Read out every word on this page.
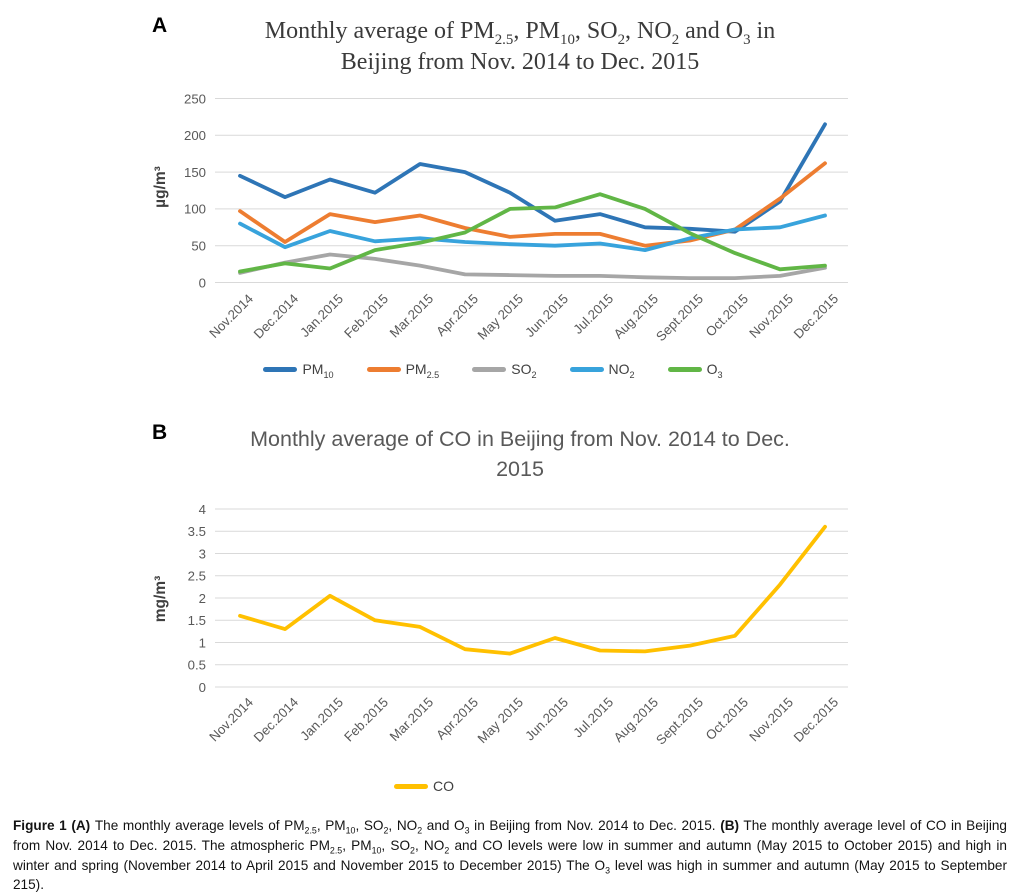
A	Monthly average of $PM_{2.5}$, $PM_{10}$, $SO_2$, $NO_2$ and $O_3$ in
Beijing from Nov. 2014 to Dec. 2015
B	Monthly average of CO in Beijing from Nov. 2014 to Dec.
2015
0
50
100
150
200
250
µg/m³
Nov.2014
Dec.2014
Jan.2015
Feb.2015
Mar.2015
Apr.2015
May 2015
Jun.2015 Jul.2015
Aug.2015
Sept.2015
Oct.2015
Nov.2015
Dec.2015
0
0.5
1
1.5
2
2.5
3
3.5
4
mg/m³
Nov.2014
Dec.2014
Jan.2015
Feb.2015
Mar.2015
Apr.2015
May 2015
Jun.2015 Jul.2015
Aug.2015
Sept.2015
Oct.2015
Nov.2015
Dec.2015
$PM_{10}$	$PM_{2.5}$	$SO_2$	$NO_2$	$O_3$
CO
Figure 1 (A) The monthly average levels of $PM_{2.5}$, $PM_{10}$, $SO_2$, $NO_2$ and $O_3$ in Beijing from Nov. 2014 to Dec. 2015. (B) The monthly average level of CO in Beijing from Nov. 2014 to Dec. 2015. The atmospheric $PM_{2.5}$, $PM_{10}$, $SO_2$, $NO_2$ and CO levels were low in summer and autumn (May 2015 to October 2015) and high in winter and spring (November 2014 to April 2015 and November 2015 to December 2015) The $O_3$ level was high in summer and autumn (May 2015 to September 215).
